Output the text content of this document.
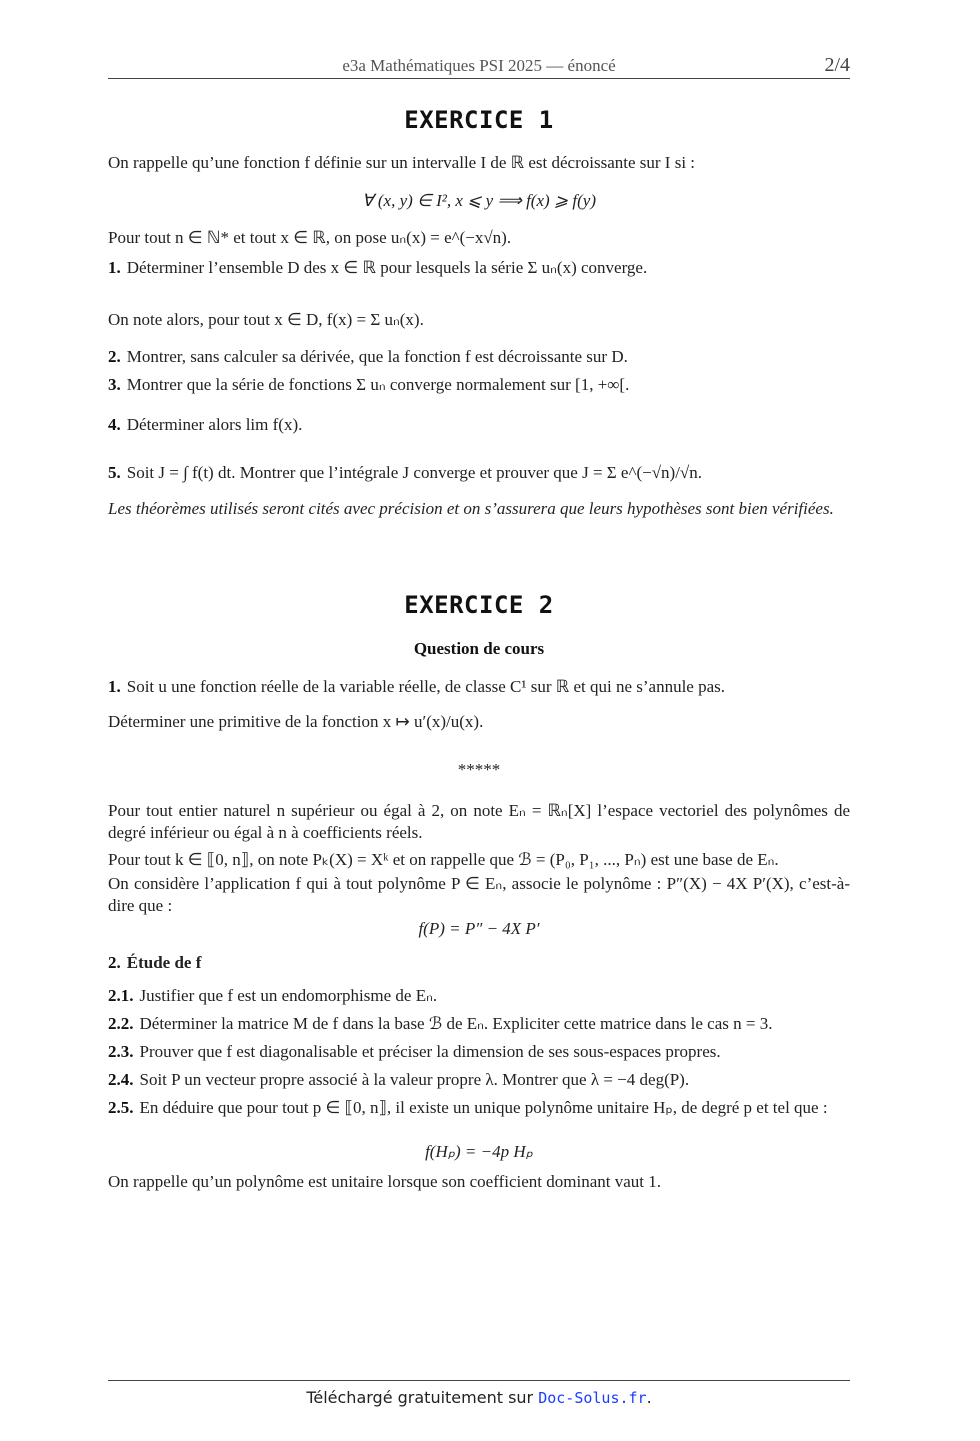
e3a Mathématiques PSI 2025 — énoncé	2/4
EXERCICE 1
On rappelle qu’une fonction f définie sur un intervalle I de ℝ est décroissante sur I si :
∀ (x, y) ∈ I², x ⩽ y ⟹ f(x) ⩾ f(y)
Pour tout n ∈ ℕ* et tout x ∈ ℝ, on pose uₙ(x) = e^(−x√n).
1. Déterminer l’ensemble D des x ∈ ℝ pour lesquels la série Σ uₙ(x) converge.
On note alors, pour tout x ∈ D, f(x) = Σ uₙ(x).
2. Montrer, sans calculer sa dérivée, que la fonction f est décroissante sur D.
3. Montrer que la série de fonctions Σ uₙ converge normalement sur [1, +∞[.
4. Déterminer alors lim f(x).
5. Soit J = ∫ f(t) dt. Montrer que l’intégrale J converge et prouver que J = Σ e^(−√n)/√n.
Les théorèmes utilisés seront cités avec précision et on s’assurera que leurs hypothèses sont bien vérifiées.
EXERCICE 2
Question de cours
1. Soit u une fonction réelle de la variable réelle, de classe C¹ sur ℝ et qui ne s’annule pas.
Déterminer une primitive de la fonction x ↦ u′(x)/u(x).
*****
Pour tout entier naturel n supérieur ou égal à 2, on note Eₙ = ℝₙ[X] l’espace vectoriel des polynômes de degré inférieur ou égal à n à coefficients réels.
Pour tout k ∈ ⟦0, n⟧, on note Pₖ(X) = Xᵏ et on rappelle que ℬ = (P₀, P₁, ..., Pₙ) est une base de Eₙ.
On considère l’application f qui à tout polynôme P ∈ Eₙ, associe le polynôme : P″(X) − 4X P′(X), c’est-à-dire que :
f(P) = P″ − 4X P′
2. Étude de f
2.1. Justifier que f est un endomorphisme de Eₙ.
2.2. Déterminer la matrice M de f dans la base ℬ de Eₙ. Expliciter cette matrice dans le cas n = 3.
2.3. Prouver que f est diagonalisable et préciser la dimension de ses sous-espaces propres.
2.4. Soit P un vecteur propre associé à la valeur propre λ. Montrer que λ = −4 deg(P).
2.5. En déduire que pour tout p ∈ ⟦0, n⟧, il existe un unique polynôme unitaire Hₚ, de degré p et tel que :
f(Hₚ) = −4p Hₚ
On rappelle qu’un polynôme est unitaire lorsque son coefficient dominant vaut 1.
Téléchargé gratuitement sur Doc-Solus.fr.
